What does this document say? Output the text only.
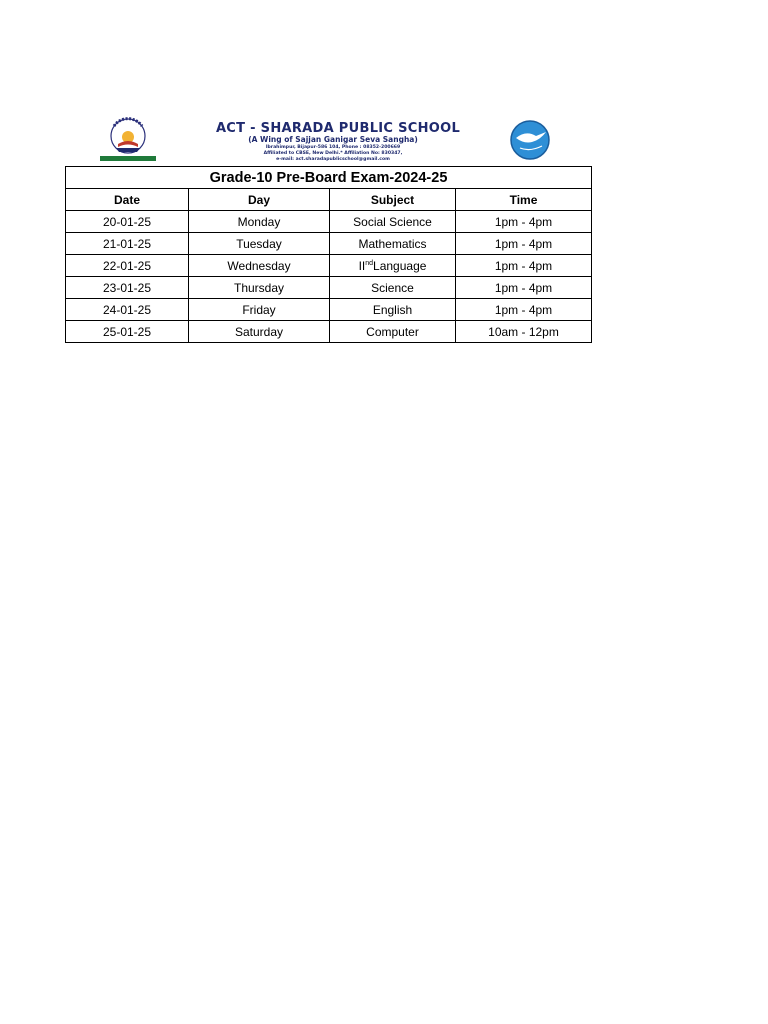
ACT - SHARADA PUBLIC SCHOOL
(A Wing of Sajjan Ganigar Seva Sangha)
Ibrahimpur, Bijapur-586 104, Phone : 08352-200669
Affiliated to CBSE, New Delhi.* Affiliation No: 830347,
e-mail: act.sharadapublicschool@gmail.com
Grade-10 Pre-Board Exam-2024-25			
Date	Day	Subject	Time
20-01-25	Monday	Social Science	1pm - 4pm
21-01-25	Tuesday	Mathematics	1pm - 4pm
22-01-25	Wednesday	IIndLanguage	1pm - 4pm
23-01-25	Thursday	Science	1pm - 4pm
24-01-25	Friday	English	1pm - 4pm
25-01-25	Saturday	Computer	10am - 12pm
